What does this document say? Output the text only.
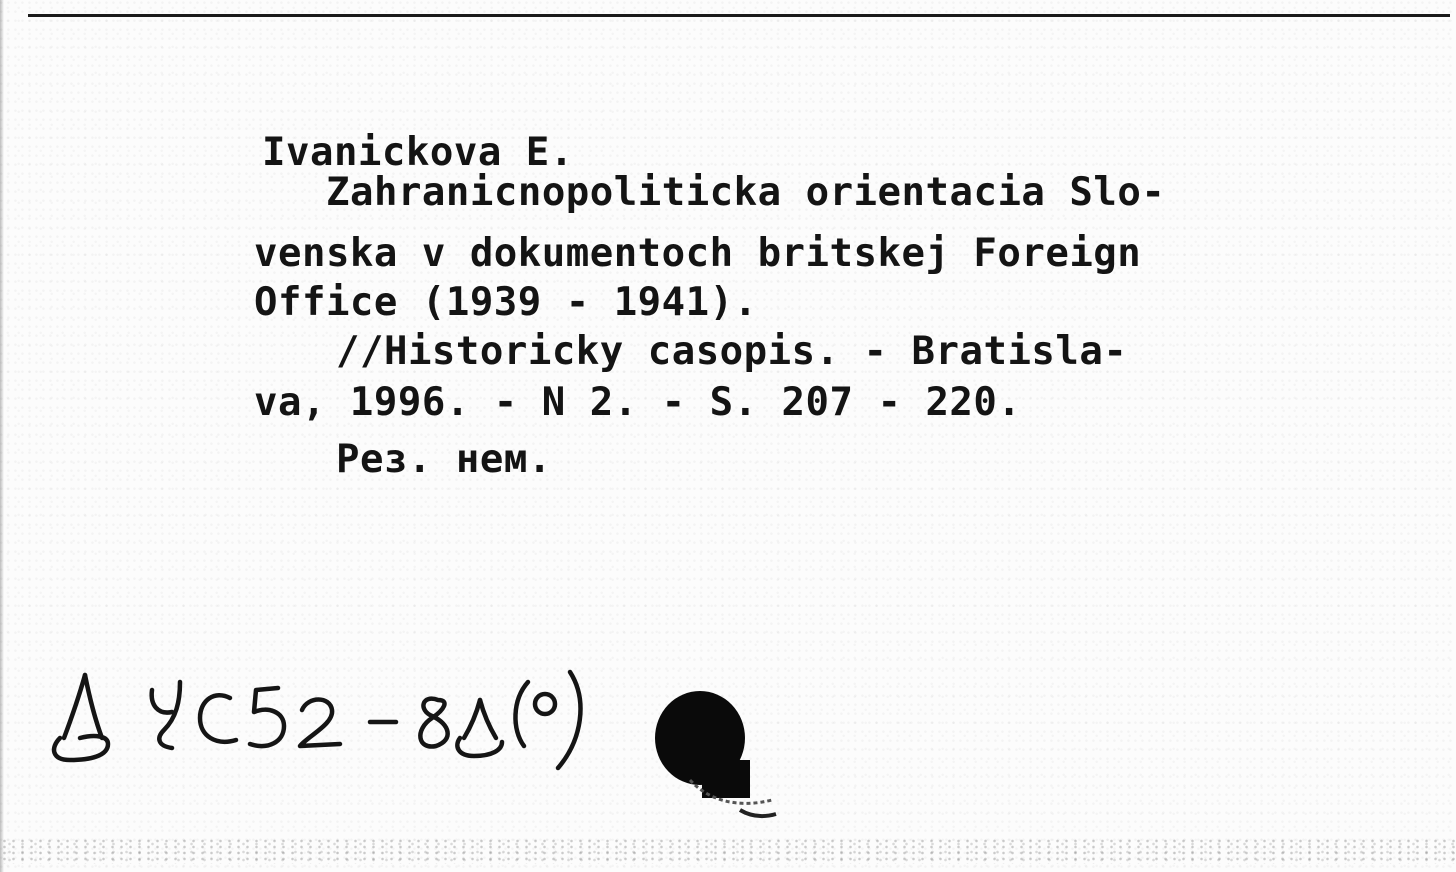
Ivanickova E.
Zahranicnopoliticka orientacia Slo-
venska v dokumentoch britskej Foreign
Office (1939 - 1941).
//Historicky casopis. - Bratisla-
va, 1996. - N 2. - S. 207 - 220.
Рез. нем.
